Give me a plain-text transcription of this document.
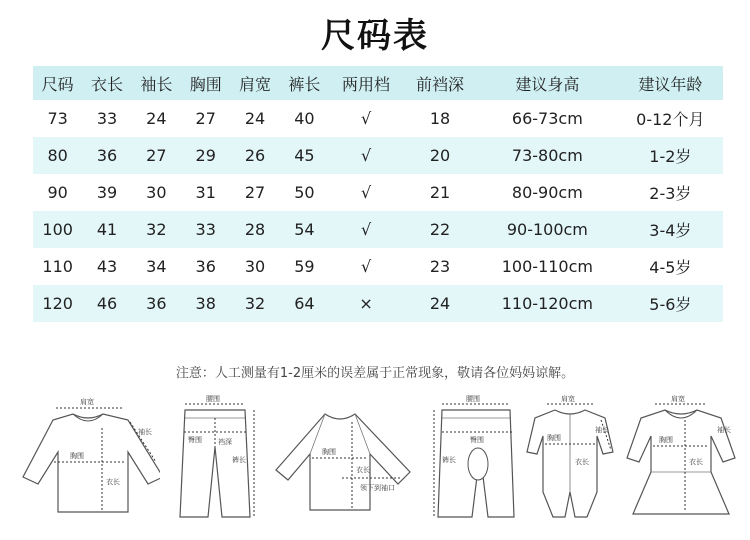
尺码表
尺码	衣长	袖长	胸围	肩宽	裤长	两用档	前裆深	建议身高	建议年龄
73	33	24	27	24	40	√	18	66-73cm	0-12个月
80	36	27	29	26	45	√	20	73-80cm	1-2岁
90	39	30	31	27	50	√	21	80-90cm	2-3岁
100	41	32	33	28	54	√	22	90-100cm	3-4岁
110	43	34	36	30	59	√	23	100-110cm	4-5岁
120	46	36	38	32	64	×	24	110-120cm	5-6岁
注意：人工测量有1-2厘米的误差属于正常现象，敬请各位妈妈谅解。
肩宽
胸围
衣长
袖长
腰围
臀围 裆深
裤长
胸围
衣长
领下到袖口
腰围
臀围
裤长
肩宽
胸围
衣长
袖长
肩宽
胸围
衣长
袖长
